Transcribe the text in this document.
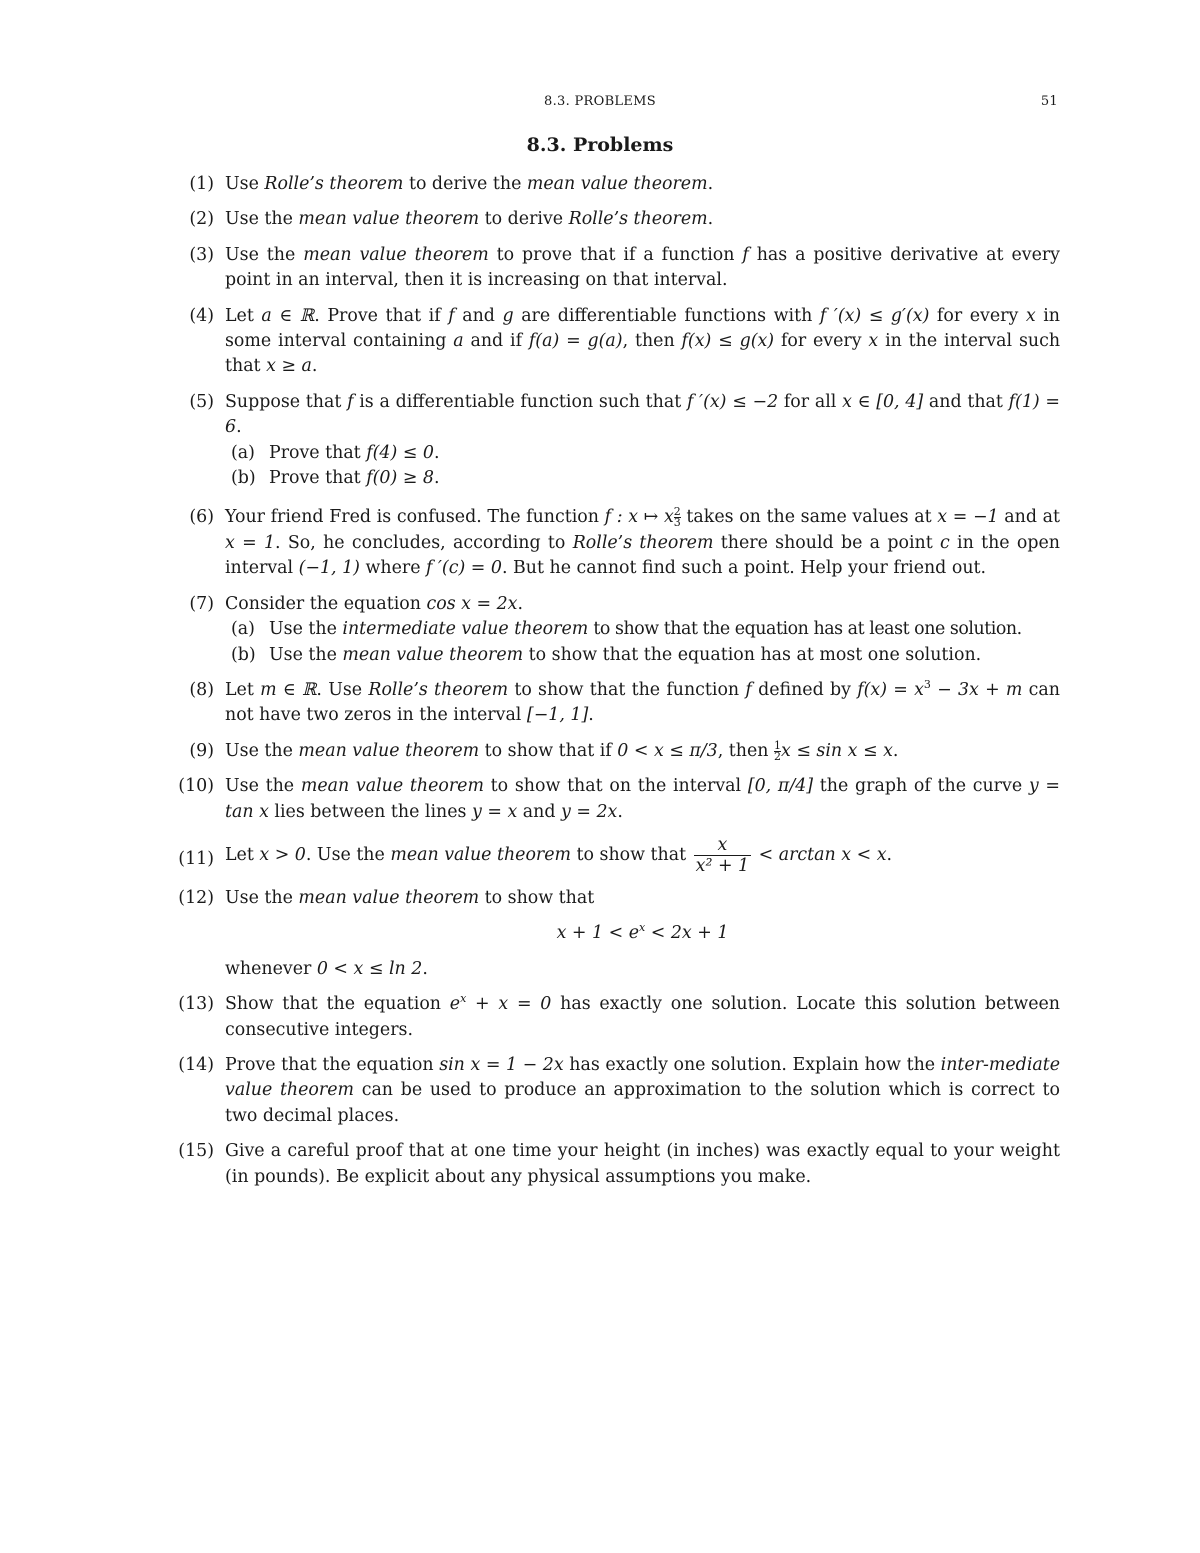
8.3. PROBLEMS	51
8.3. Problems
(1) Use Rolle’s theorem to derive the mean value theorem.
(2) Use the mean value theorem to derive Rolle’s theorem.
(3) Use the mean value theorem to prove that if a function f has a positive derivative at every point in an interval, then it is increasing on that interval.
(4) Let a ∈ ℝ. Prove that if f and g are differentiable functions with f ′(x) ≤ g′(x) for every x in some interval containing a and if f(a) = g(a), then f(x) ≤ g(x) for every x in the interval such that x ≥ a.
(5) Suppose that f is a differentiable function such that f ′(x) ≤ −2 for all x ∈ [0, 4] and that f(1) = 6.
(a) Prove that f(4) ≤ 0.
(b) Prove that f(0) ≥ 8.
(6) Your friend Fred is confused. The function f : x ↦ x $\frac{2}{3}$ takes on the same values at x = −1 and at x = 1. So, he concludes, according to Rolle’s theorem there should be a point c in the open interval (−1, 1) where f ′(c) = 0. But he cannot find such a point. Help your friend out.
(7) Consider the equation cos x = 2x.
(a) Use the intermediate value theorem to show that the equation has at least one solution.
(b) Use the mean value theorem to show that the equation has at most one solution.
(8) Let m ∈ ℝ. Use Rolle’s theorem to show that the function f defined by $f(x) = x^3 - 3x + m$ can not have two zeros in the interval [−1, 1].
(9) Use the mean value theorem to show that if 0 < x ≤ π/3, then $\frac{1}{2}$ x ≤ sin x ≤ x.
(10) Use the mean value theorem to show that on the interval [0, π/4] the graph of the curve y = tan x lies between the lines y = x and y = 2x.
(11) Let x > 0. Use the mean value theorem to show that $\frac{x}{\text{x² + 1}} < \arctan x < x$.
(12) Use the mean value theorem to show that
$x + 1 < e^x < 2x + 1$
whenever 0 < x ≤ ln 2.
(13) Show that the equation $e^x + x = 0$ has exactly one solution. Locate this solution between consecutive integers.
(14) Prove that the equation sin x = 1 − 2x has exactly one solution. Explain how the inter-mediate value theorem can be used to produce an approximation to the solution which is correct to two decimal places.
(15) Give a careful proof that at one time your height (in inches) was exactly equal to your weight (in pounds). Be explicit about any physical assumptions you make.
